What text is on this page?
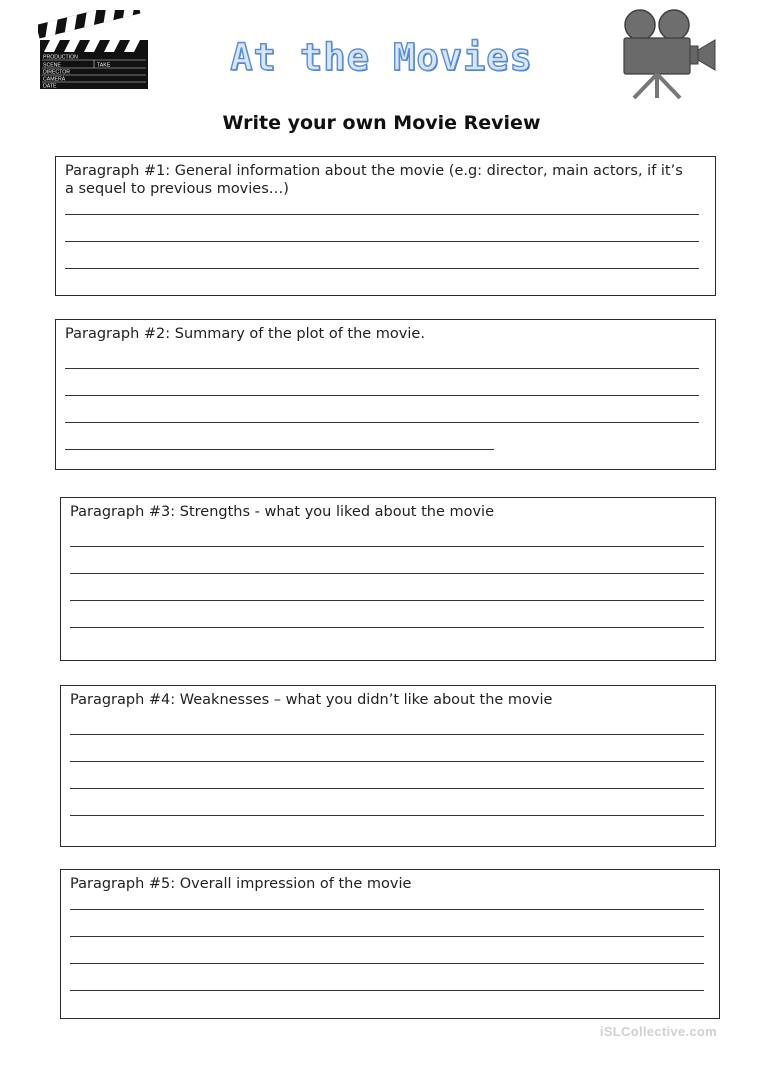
PRODUCTION
SCENE	TAKE
DIRECTOR
CAMERA
DATE
At the Movies
Write your own Movie Review
Paragraph #1: General information about the movie (e.g: director, main actors, if it’s a sequel to previous movies…)
Paragraph #2: Summary of the plot of the movie.
Paragraph #3: Strengths - what you liked about the movie
Paragraph #4: Weaknesses – what you didn’t like about the movie
Paragraph #5: Overall impression of the movie
iSLCollective.com
